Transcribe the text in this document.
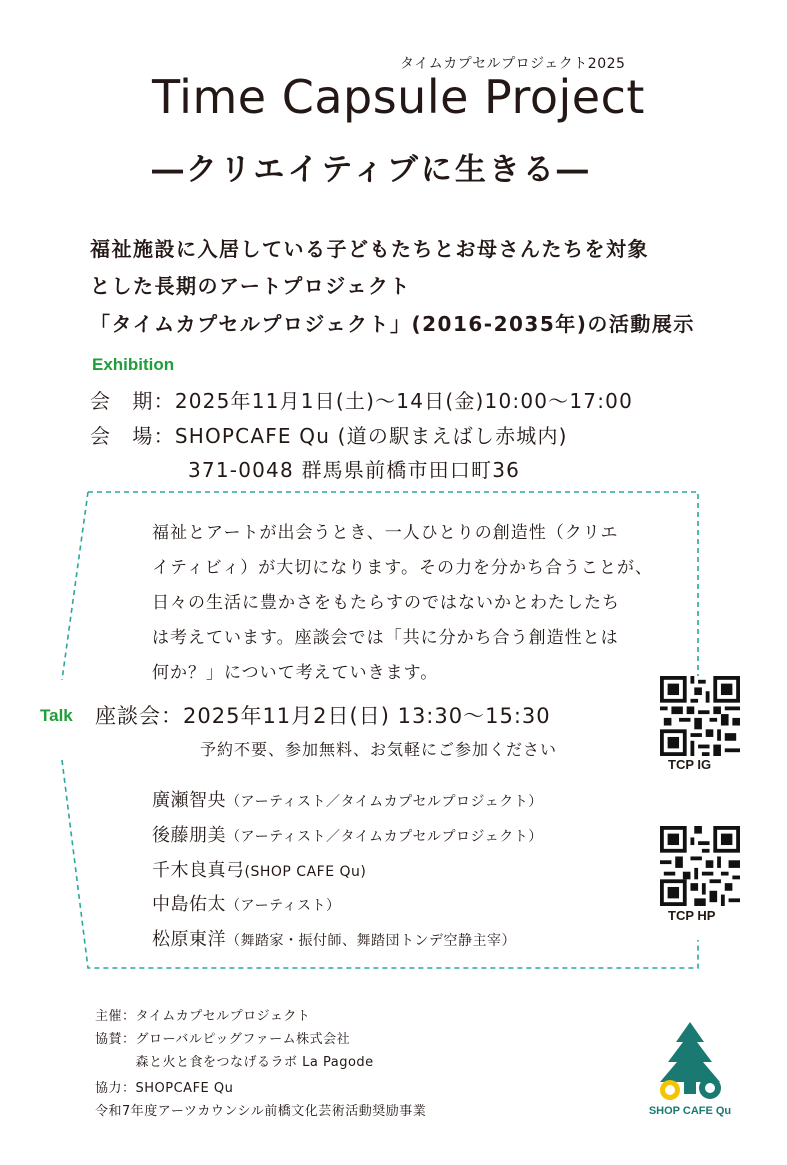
タイムカプセルプロジェクト2025
Time Capsule Project
―クリエイティブに生きる―
福祉施設に入居している子どもたちとお母さんたちを対象
とした長期のアートプロジェクト
「タイムカプセルプロジェクト」(2016-2035年)の活動展示
Exhibition
会　期：2025年11月1日(土)～14日(金)10:00～17:00
会　場：SHOPCAFE Qu (道の駅まえばし赤城内)
371-0048 群馬県前橋市田口町36
福祉とアートが出会うとき、一人ひとりの創造性（クリエ
イティビィ）が大切になります。その力を分かち合うことが、
日々の生活に豊かさをもたらすのではないかとわたしたち
は考えています。座談会では「共に分かち合う創造性とは
何か？」について考えていきます。
Talk 座談会：2025年11月2日(日) 13:30～15:30
予約不要、参加無料、お気軽にご参加ください
廣瀬智央（アーティスト／タイムカプセルプロジェクト）
後藤朋美（アーティスト／タイムカプセルプロジェクト）
千木良真弓(SHOP CAFE Qu)
中島佑太（アーティスト）
松原東洋（舞踏家・振付師、舞踏団トンデ空静主宰）
TCP IG
TCP HP
主催：タイムカプセルプロジェクト
協賛：グローバルピッグファーム株式会社
　　　森と火と食をつなげるラボ La Pagode
協力：SHOPCAFE Qu
令和7年度アーツカウンシル前橋文化芸術活動奨励事業	SHOP CAFE Qu
